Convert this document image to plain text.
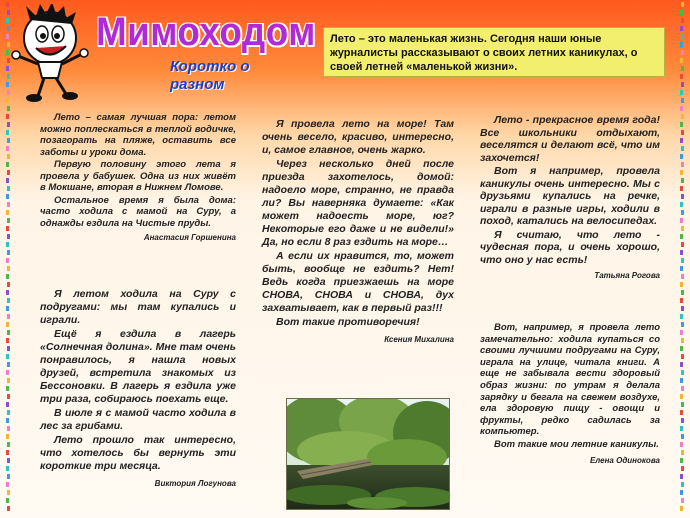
Мимоходом
Коротко о разном
Лето – это маленькая жизнь. Сегодня наши юные журналисты рассказывают о своих летних каникулах, о своей летней «маленькой жизни».

Лето – самая лучшая пора: летом можно поплескаться в теплой водичке, позагорать на пляже, оставить все заботы и уроки дома.

Первую половину этого лета я провела у бабушек. Одна из них живёт в Мокшане, вторая в Нижнем Ломове.

Остальное время я была дома: часто ходила с мамой на Суру, а однажды ездила на Чистые пруды.

Анастасия Горшенина

Я летом ходила на Суру с подругами: мы там купались и играли.

Ещё я ездила в лагерь «Солнечная долина». Мне там очень понравилось, я нашла новых друзей, встретила знакомых из Бессоновки. В лагерь я ездила уже три раза, собираюсь поехать еще.

В июле я с мамой часто ходила в лес за грибами.

Лето прошло так интересно, что хотелось бы вернуть эти короткие три месяца.

Виктория Логунова

Я провела лето на море! Там очень весело, красиво, интересно, и, самое главное, очень жарко.

Через несколько дней после приезда захотелось, домой: надоело море, странно, не правда ли? Вы наверняка думаете: «Как может надоесть море, юг? Некоторые его даже и не видели!» Да, но если 8 раз ездить на море…

А если их нравится, то, может быть, вообще не ездить? Нет! Ведь когда приезжаешь на море СНОВА, СНОВА и СНОВА, дух захватывает, как в первый раз!!!

Вот такие противоречия!

Ксения Михалина

Лето - прекрасное время года! Все школьники отдыхают, веселятся и делают всё, что им захочется!

Вот я например, провела каникулы очень интересно. Мы с друзьями купались на речке, играли в разные игры, ходили в поход, катались на велосипедах.

Я считаю, что лето - чудесная пора, и очень хорошо, что оно у нас есть!

Татьяна Рогова

Вот, например, я провела лето замечательно: ходила купаться со своими лучшими подругами на Суру, играла на улице, читала книги. А еще не забывала вести здоровый образ жизни: по утрам я делала зарядку и бегала на свежем воздухе, ела здоровую пищу - овощи и фрукты, редко садилась за компьютер.

Вот такие мои летние каникулы.

Елена Одинокова
